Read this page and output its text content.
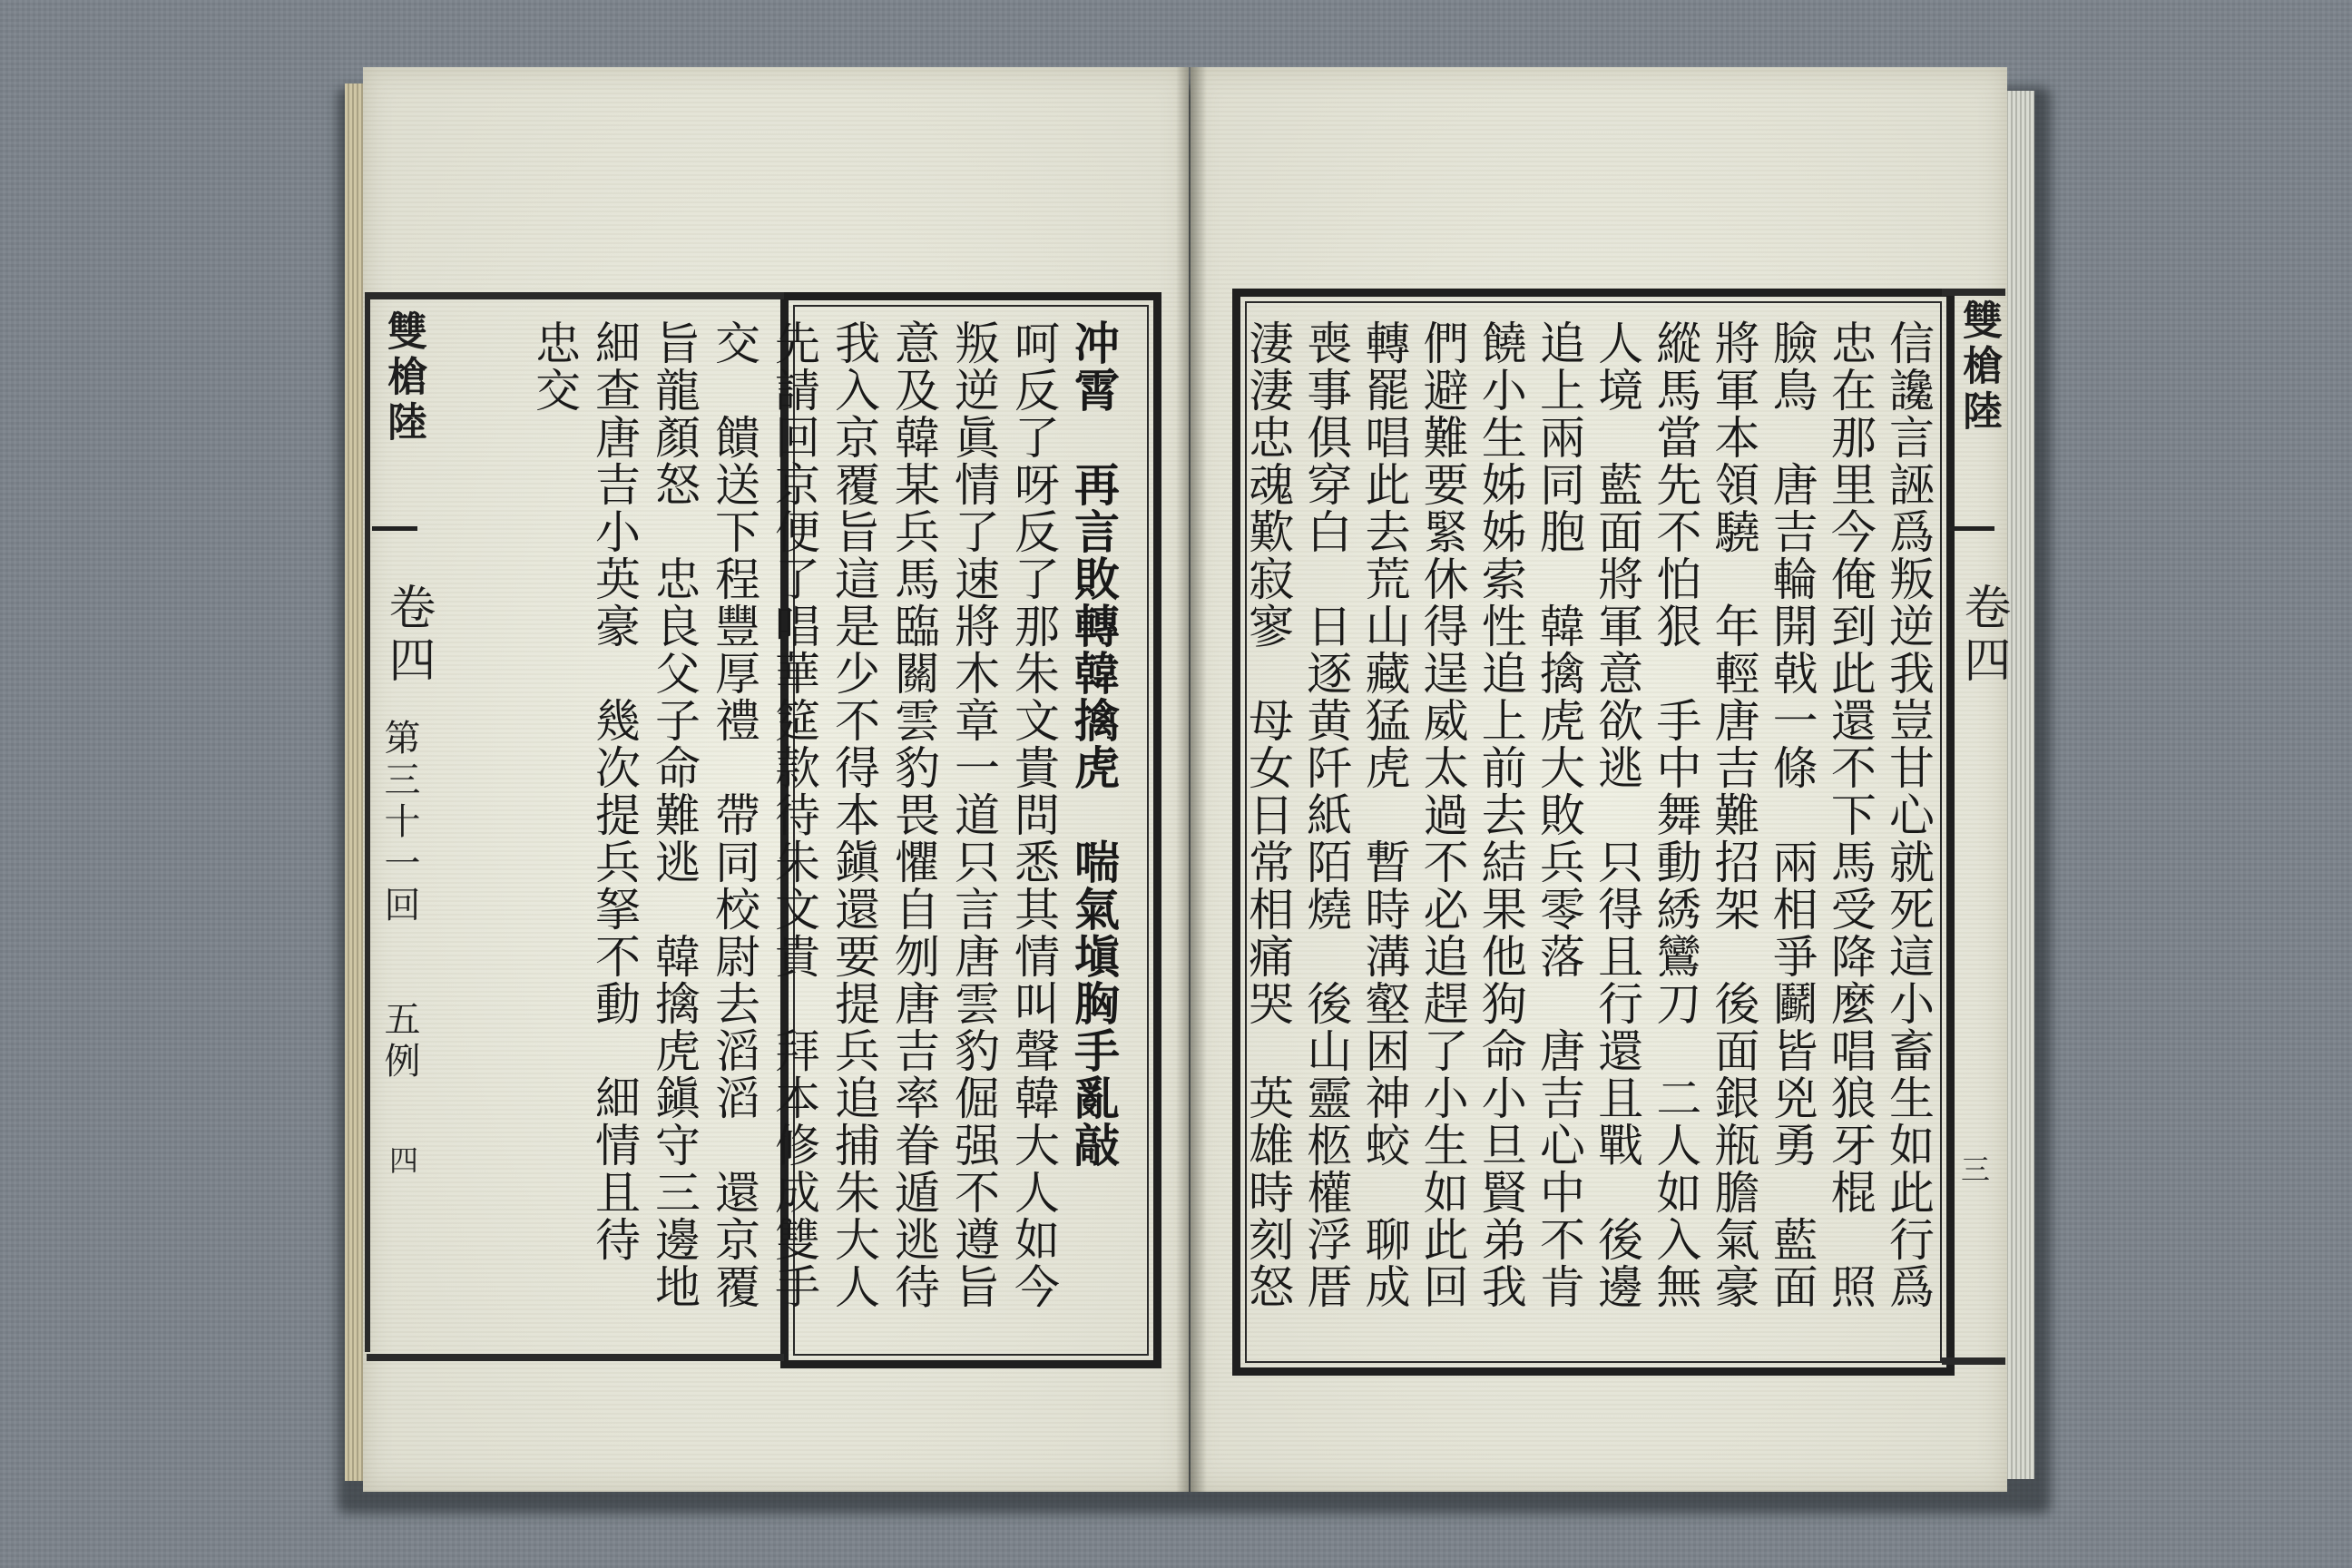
雙槍陸
卷四
第三十一回
五例
四	冲霄　再言敗轉韓擒虎　喘氣塡胸手亂敲
呵反了呀反了那朱文貴問悉其情叫聲韓大人如今
叛逆眞情了速將木章一道只言唐雲豹倔强不遵旨
意及韓某兵馬臨關雲豹畏懼自刎唐吉率眷遁逃待
我入京覆旨這是少不得本鎭還要提兵追捕朱大人
先請回京便了唱華筵款待朱文貴　拜本修成雙手
交　饋送下程豐厚禮　帶同校尉去滔滔　還京覆
旨龍顏怒　忠良父子命難逃　韓擒虎鎭守三邊地
細查唐吉小英豪　幾次提兵拏不動　細情且待
忠交	信讒言誣爲叛逆我豈甘心就死這小畜生如此行爲
忠在那里今俺到此還不下馬受降麼唱狼牙棍　照
臉鳥　唐吉輪開戟一條　兩相爭鬬皆兇勇　藍面
將軍本領驍　年輕唐吉難招架　後面銀瓶膽氣豪
縱馬當先不怕狠　手中舞動綉鸞刀　二人如入無
人境　藍面將軍意欲逃　只得且行還且戰　後邊
追上兩同胞　韓擒虎大敗兵零落　唐吉心中不肯
饒小生姊姊索性追上前去結果他狗命小旦賢弟我
們避難要緊休得逞威太過不必追趕了小生如此回
轉罷唱此去荒山藏猛虎　暫時溝壑困神蛟　聊成
喪事俱穿白　日逐黄阡紙陌燒　後山靈柩權浮厝
淒淒忠魂歎寂寥　母女日常相痛哭　英雄時刻怒	雙槍陸
卷四
三
